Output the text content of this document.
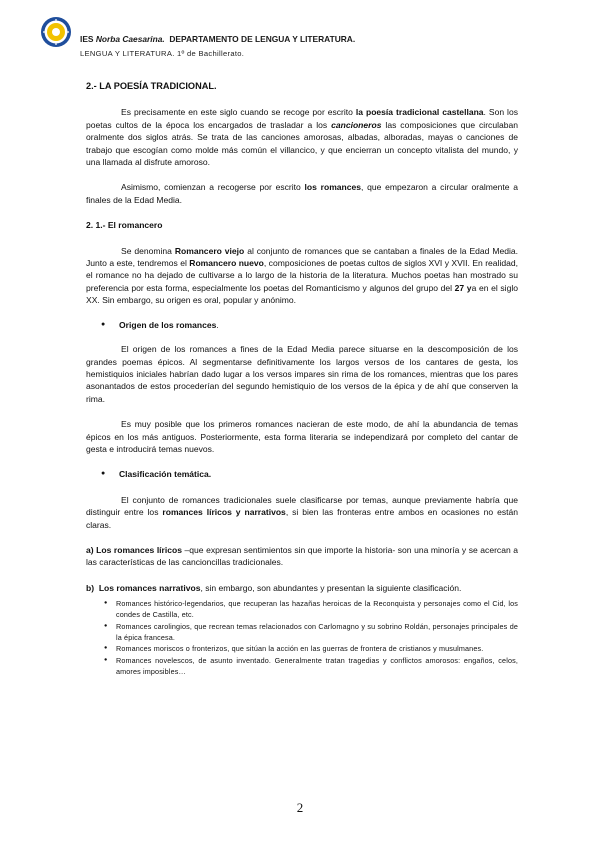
IES Norba Caesarina. DEPARTAMENTO DE LENGUA Y LITERATURA.
LENGUA Y LITERATURA. 1º de Bachillerato.

2.- LA POESÍA TRADICIONAL.

Es precisamente en este siglo cuando se recoge por escrito la poesía tradicional castellana. Son los poetas cultos de la época los encargados de trasladar a los cancioneros las composiciones que circulaban oralmente dos siglos atrás. Se trata de las canciones amorosas, albadas, alboradas, mayas o canciones de trabajo que escogían como molde más común el villancico, y que encierran un concepto vitalista del mundo, y una llamada al disfrute amoroso.

Asimismo, comienzan a recogerse por escrito los romances, que empezaron a circular oralmente a finales de la Edad Media.

2. 1.- El romancero

Se denomina Romancero viejo al conjunto de romances que se cantaban a finales de la Edad Media. Junto a este, tendremos el Romancero nuevo, composiciones de poetas cultos de siglos XVI y XVII. En realidad, el romance no ha dejado de cultivarse a lo largo de la historia de la literatura. Muchos poetas han mostrado su preferencia por esta forma, especialmente los poetas del Romanticismo y algunos del grupo del 27 ya en el siglo XX. Sin embargo, su origen es oral, popular y anónimo.

● Origen de los romances.

El origen de los romances a fines de la Edad Media parece situarse en la descomposición de los grandes poemas épicos. Al segmentarse definitivamente los largos versos de los cantares de gesta, los hemistiquios iniciales habrían dado lugar a los versos impares sin rima de los romances, mientras que los pares asonantados de estos procederían del segundo hemistiquio de los versos de la épica y de ahí que conserven la rima.

Es muy posible que los primeros romances nacieran de este modo, de ahí la abundancia de temas épicos en los más antiguos. Posteriormente, esta forma literaria se independizará por completo del cantar de gesta e introducirá temas nuevos.

● Clasificación temática.

El conjunto de romances tradicionales suele clasificarse por temas, aunque previamente habría que distinguir entre los romances líricos y narrativos, si bien las fronteras entre ambos en ocasiones no están claras.

a) Los romances líricos –que expresan sentimientos sin que importe la historia- son una minoría y se acercan a las características de las cancioncillas tradicionales.

b) Los romances narrativos, sin embargo, son abundantes y presentan la siguiente clasificación.

● Romances histórico-legendarios, que recuperan las hazañas heroicas de la Reconquista y personajes como el Cid, los condes de Castilla, etc.
● Romances carolingios, que recrean temas relacionados con Carlomagno y su sobrino Roldán, personajes principales de la épica francesa.
● Romances moriscos o fronterizos, que sitúan la acción en las guerras de frontera de cristianos y musulmanes.
● Romances novelescos, de asunto inventado. Generalmente tratan tragedias y conflictos amorosos: engaños, celos, amores imposibles…
2
